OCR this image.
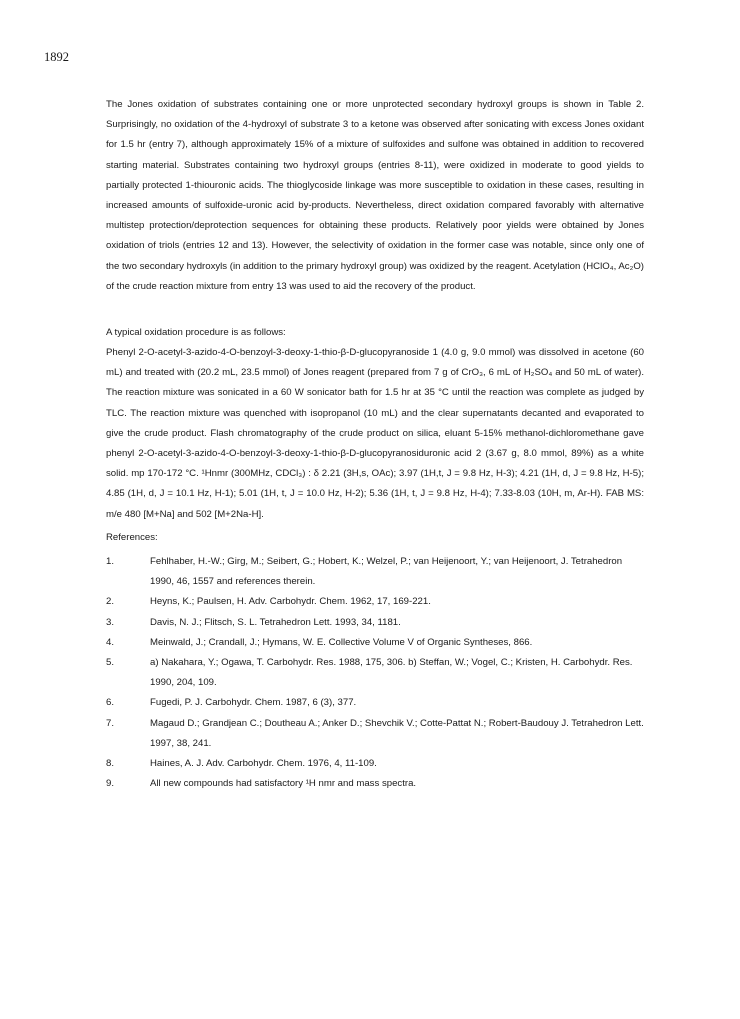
1892

The Jones oxidation of substrates containing one or more unprotected secondary hydroxyl groups is shown in Table 2. Surprisingly, no oxidation of the 4-hydroxyl of substrate 3 to a ketone was observed after sonicating with excess Jones oxidant for 1.5 hr (entry 7), although approximately 15% of a mixture of sulfoxides and sulfone was obtained in addition to recovered starting material. Substrates containing two hydroxyl groups (entries 8-11), were oxidized in moderate to good yields to partially protected 1-thiouronic acids. The thioglycoside linkage was more susceptible to oxidation in these cases, resulting in increased amounts of sulfoxide-uronic acid by-products. Nevertheless, direct oxidation compared favorably with alternative multistep protection/deprotection sequences for obtaining these products. Relatively poor yields were obtained by Jones oxidation of triols (entries 12 and 13). However, the selectivity of oxidation in the former case was notable, since only one of the two secondary hydroxyls (in addition to the primary hydroxyl group) was oxidized by the reagent. Acetylation (HClO₄, Ac₂O) of the crude reaction mixture from entry 13 was used to aid the recovery of the product.

A typical oxidation procedure is as follows:

Phenyl 2-O-acetyl-3-azido-4-O-benzoyl-3-deoxy-1-thio-β-D-glucopyranoside 1 (4.0 g, 9.0 mmol) was dissolved in acetone (60 mL) and treated with (20.2 mL, 23.5 mmol) of Jones reagent (prepared from 7 g of CrO₃, 6 mL of H₂SO₄ and 50 mL of water). The reaction mixture was sonicated in a 60 W sonicator bath for 1.5 hr at 35 °C until the reaction was complete as judged by TLC. The reaction mixture was quenched with isopropanol (10 mL) and the clear supernatants decanted and evaporated to give the crude product. Flash chromatography of the crude product on silica, eluant 5-15% methanol-dichloromethane gave phenyl 2-O-acetyl-3-azido-4-O-benzoyl-3-deoxy-1-thio-β-D-glucopyranosiduronic acid 2 (3.67 g, 8.0 mmol, 89%) as a white solid. mp 170-172 °C. ¹Hnmr (300MHz, CDCl₃) : δ 2.21 (3H,s, OAc); 3.97 (1H,t, J = 9.8 Hz, H-3); 4.21 (1H, d, J = 9.8 Hz, H-5); 4.85 (1H, d, J = 10.1 Hz, H-1); 5.01 (1H, t, J = 10.0 Hz, H-2); 5.36 (1H, t, J = 9.8 Hz, H-4); 7.33-8.03 (10H, m, Ar-H). FAB MS: m/e 480 [M+Na] and 502 [M+2Na-H].

References:
1.	Fehlhaber, H.-W.; Girg, M.; Seibert, G.; Hobert, K.; Welzel, P.; van Heijenoort, Y.; van Heijenoort, J. Tetrahedron 1990, 46, 1557 and references therein.
2.	Heyns, K.; Paulsen, H. Adv. Carbohydr. Chem. 1962, 17, 169-221.
3.	Davis, N. J.; Flitsch, S. L. Tetrahedron Lett. 1993, 34, 1181.
4.	Meinwald, J.; Crandall, J.; Hymans, W. E. Collective Volume V of Organic Syntheses, 866.
5.	a) Nakahara, Y.; Ogawa, T. Carbohydr. Res. 1988, 175, 306. b) Steffan, W.; Vogel, C.; Kristen, H. Carbohydr. Res. 1990, 204, 109.
6.	Fugedi, P. J. Carbohydr. Chem. 1987, 6 (3), 377.
7.	Magaud D.; Grandjean C.; Doutheau A.; Anker D.; Shevchik V.; Cotte-Pattat N.; Robert-Baudouy J. Tetrahedron Lett. 1997, 38, 241.
8.	Haines, A. J. Adv. Carbohydr. Chem. 1976, 4, 11-109.
9.	All new compounds had satisfactory ¹H nmr and mass spectra.
